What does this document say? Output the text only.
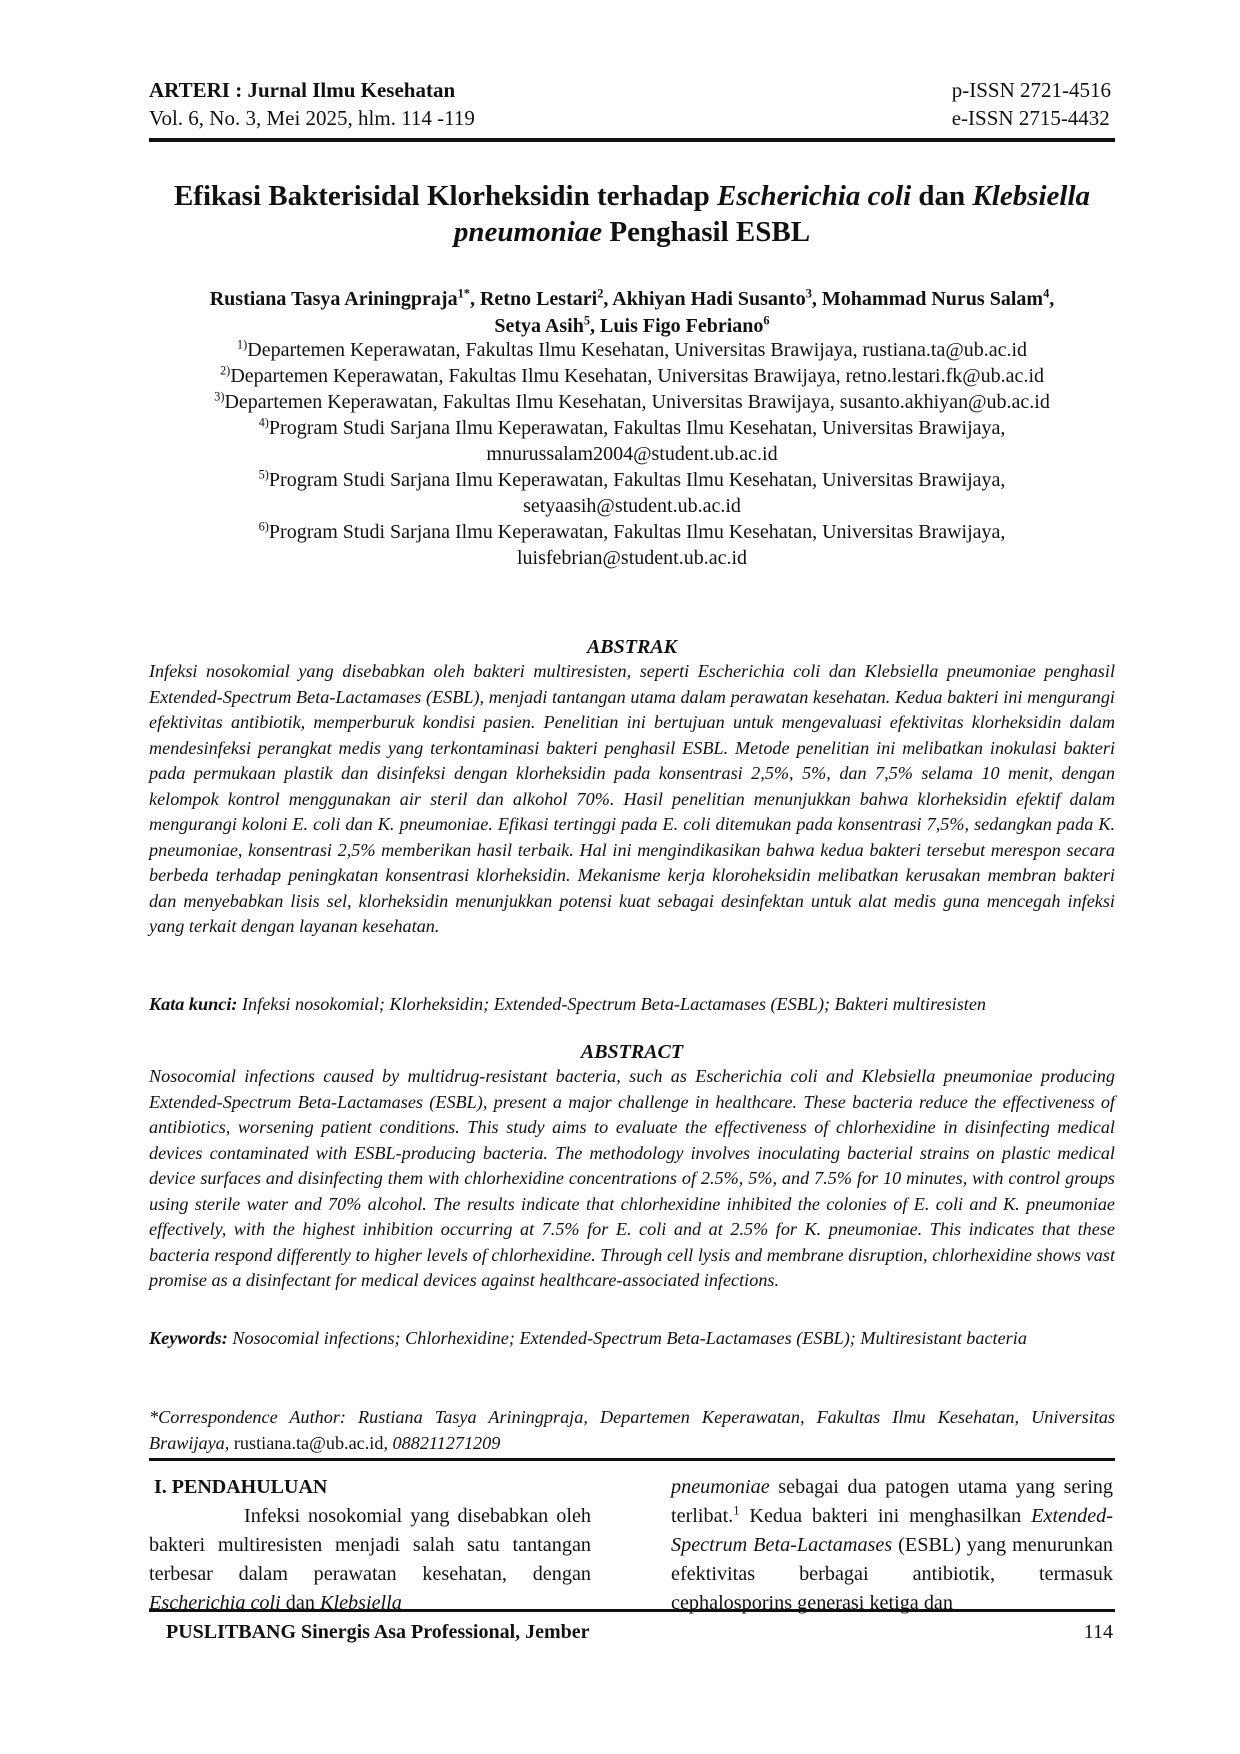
ARTERI : Jurnal Ilmu Kesehatan
Vol. 6, No. 3, Mei 2025, hlm. 114 -119
p-ISSN 2721-4516
e-ISSN 2715-4432
Efikasi Bakterisidal Klorheksidin terhadap Escherichia coli dan Klebsiella
pneumoniae Penghasil ESBL
Rustiana Tasya Ariningpraja$^{1*}$, Retno Lestari$^2$, Akhiyan Hadi Susanto$^3$, Mohammad Nurus Salam$^4$,
Setya Asih$^5$, Luis Figo Febriano$^6$
$^{1)}$Departemen Keperawatan, Fakultas Ilmu Kesehatan, Universitas Brawijaya, rustiana.ta@ub.ac.id
$^{2)}$Departemen Keperawatan, Fakultas Ilmu Kesehatan, Universitas Brawijaya, retno.lestari.fk@ub.ac.id
$^{3)}$Departemen Keperawatan, Fakultas Ilmu Kesehatan, Universitas Brawijaya, susanto.akhiyan@ub.ac.id
$^{4)}$Program Studi Sarjana Ilmu Keperawatan, Fakultas Ilmu Kesehatan, Universitas Brawijaya,
mnurussalam2004@student.ub.ac.id
$^{5)}$Program Studi Sarjana Ilmu Keperawatan, Fakultas Ilmu Kesehatan, Universitas Brawijaya,
setyaasih@student.ub.ac.id
$^{6)}$Program Studi Sarjana Ilmu Keperawatan, Fakultas Ilmu Kesehatan, Universitas Brawijaya,
luisfebrian@student.ub.ac.id
ABSTRAK
Infeksi nosokomial yang disebabkan oleh bakteri multiresisten, seperti Escherichia coli dan Klebsiella pneumoniae penghasil Extended-Spectrum Beta-Lactamases (ESBL), menjadi tantangan utama dalam perawatan kesehatan. Kedua bakteri ini mengurangi efektivitas antibiotik, memperburuk kondisi pasien. Penelitian ini bertujuan untuk mengevaluasi efektivitas klorheksidin dalam mendesinfeksi perangkat medis yang terkontaminasi bakteri penghasil ESBL. Metode penelitian ini melibatkan inokulasi bakteri pada permukaan plastik dan disinfeksi dengan klorheksidin pada konsentrasi 2,5%, 5%, dan 7,5% selama 10 menit, dengan kelompok kontrol menggunakan air steril dan alkohol 70%. Hasil penelitian menunjukkan bahwa klorheksidin efektif dalam mengurangi koloni E. coli dan K. pneumoniae. Efikasi tertinggi pada E. coli ditemukan pada konsentrasi 7,5%, sedangkan pada K. pneumoniae, konsentrasi 2,5% memberikan hasil terbaik. Hal ini mengindikasikan bahwa kedua bakteri tersebut merespon secara berbeda terhadap peningkatan konsentrasi klorheksidin. Mekanisme kerja kloroheksidin melibatkan kerusakan membran bakteri dan menyebabkan lisis sel, klorheksidin menunjukkan potensi kuat sebagai desinfektan untuk alat medis guna mencegah infeksi yang terkait dengan layanan kesehatan.
Kata kunci: Infeksi nosokomial; Klorheksidin; Extended-Spectrum Beta-Lactamases (ESBL); Bakteri multiresisten
ABSTRACT
Nosocomial infections caused by multidrug-resistant bacteria, such as Escherichia coli and Klebsiella pneumoniae producing Extended-Spectrum Beta-Lactamases (ESBL), present a major challenge in healthcare. These bacteria reduce the effectiveness of antibiotics, worsening patient conditions. This study aims to evaluate the effectiveness of chlorhexidine in disinfecting medical devices contaminated with ESBL-producing bacteria. The methodology involves inoculating bacterial strains on plastic medical device surfaces and disinfecting them with chlorhexidine concentrations of 2.5%, 5%, and 7.5% for 10 minutes, with control groups using sterile water and 70% alcohol. The results indicate that chlorhexidine inhibited the colonies of E. coli and K. pneumoniae effectively, with the highest inhibition occurring at 7.5% for E. coli and at 2.5% for K. pneumoniae. This indicates that these bacteria respond differently to higher levels of chlorhexidine. Through cell lysis and membrane disruption, chlorhexidine shows vast promise as a disinfectant for medical devices against healthcare-associated infections.
Keywords: Nosocomial infections; Chlorhexidine; Extended-Spectrum Beta-Lactamases (ESBL); Multiresistant bacteria
*Correspondence Author: Rustiana Tasya Ariningpraja, Departemen Keperawatan, Fakultas Ilmu Kesehatan, Universitas Brawijaya, rustiana.ta@ub.ac.id, 088211271209
I. PENDAHULUAN

Infeksi nosokomial yang disebabkan oleh bakteri multiresisten menjadi salah satu tantangan terbesar dalam perawatan kesehatan, dengan Escherichia coli dan Klebsiella

pneumoniae sebagai dua patogen utama yang sering terlibat.$^1$ Kedua bakteri ini menghasilkan Extended-Spectrum Beta-Lactamases (ESBL) yang menurunkan efektivitas berbagai antibiotik, termasuk cephalosporins generasi ketiga dan

PUSLITBANG Sinergis Asa Professional, Jember	114
